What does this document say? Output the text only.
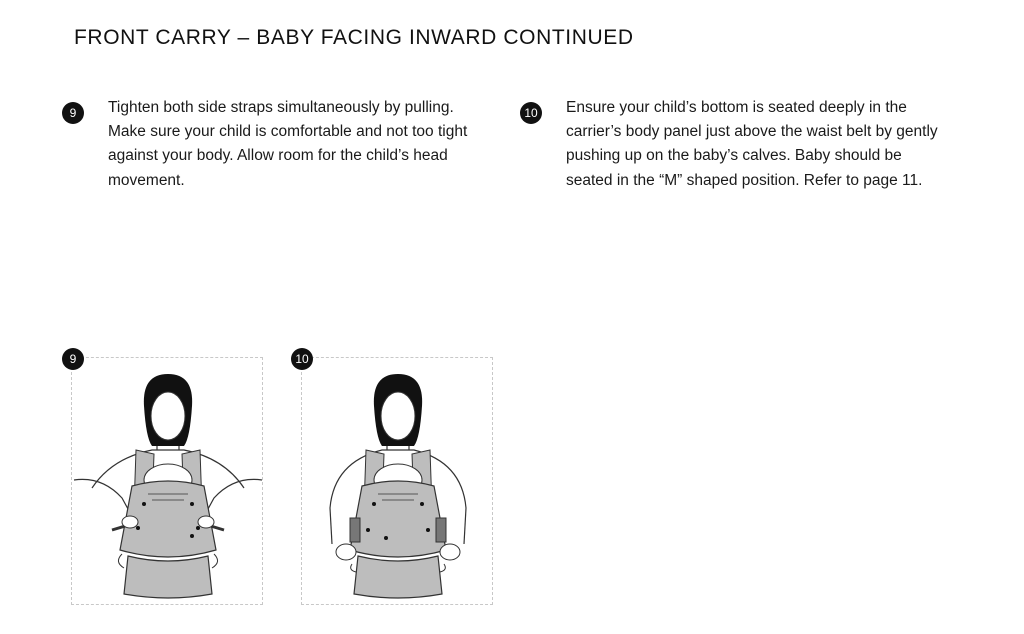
FRONT CARRY – BABY FACING INWARD CONTINUED
9	Tighten both side straps simultaneously by pulling. Make sure your child is comfortable and not too tight against your body. Allow room for the child’s head movement.

10 Ensure your child’s bottom is seated deeply in the carrier’s body panel just above the waist belt by gently pushing up on the baby’s calves. Baby should be seated in the “M” shaped position. Refer to page 11.

9	10
